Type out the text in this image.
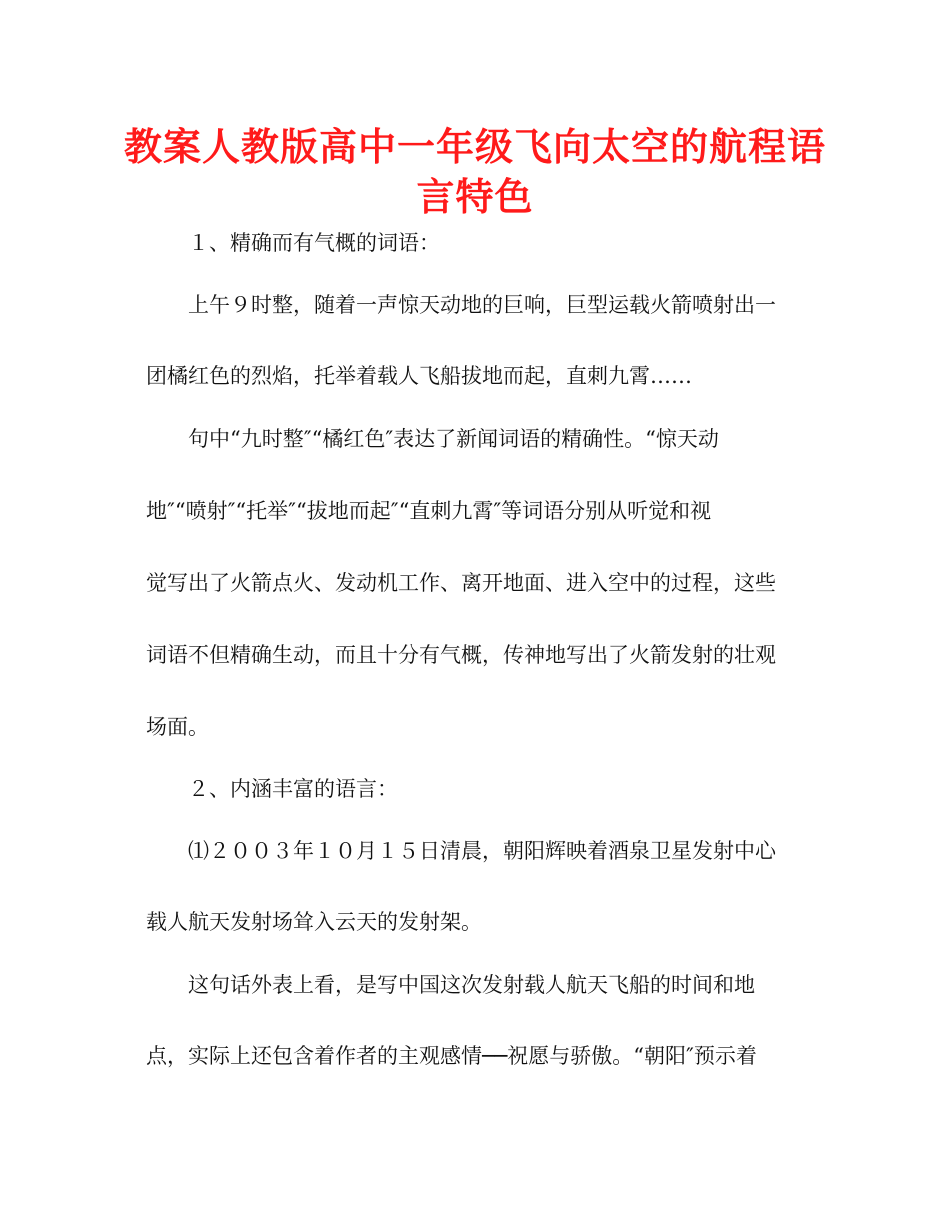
教案人教版高中一年级飞向太空的航程语
言特色
１、精确而有气概的词语：
上午９时整，随着一声惊天动地的巨响，巨型运载火箭喷射出一
团橘红色的烈焰，托举着载人飞船拔地而起，直刺九霄……
句中“九时整″“橘红色″表达了新闻词语的精确性。“惊天动
地″“喷射″“托举″“拔地而起″“直刺九霄″等词语分别从听觉和视
觉写出了火箭点火、发动机工作、离开地面、进入空中的过程，这些
词语不但精确生动，而且十分有气概，传神地写出了火箭发射的壮观
场面。
２、内涵丰富的语言：
⑴２００３年１０月１５日清晨，朝阳辉映着酒泉卫星发射中心
载人航天发射场耸入云天的发射架。
这句话外表上看，是写中国这次发射载人航天飞船的时间和地
点，实际上还包含着作者的主观感情──祝愿与骄傲。“朝阳″预示着
